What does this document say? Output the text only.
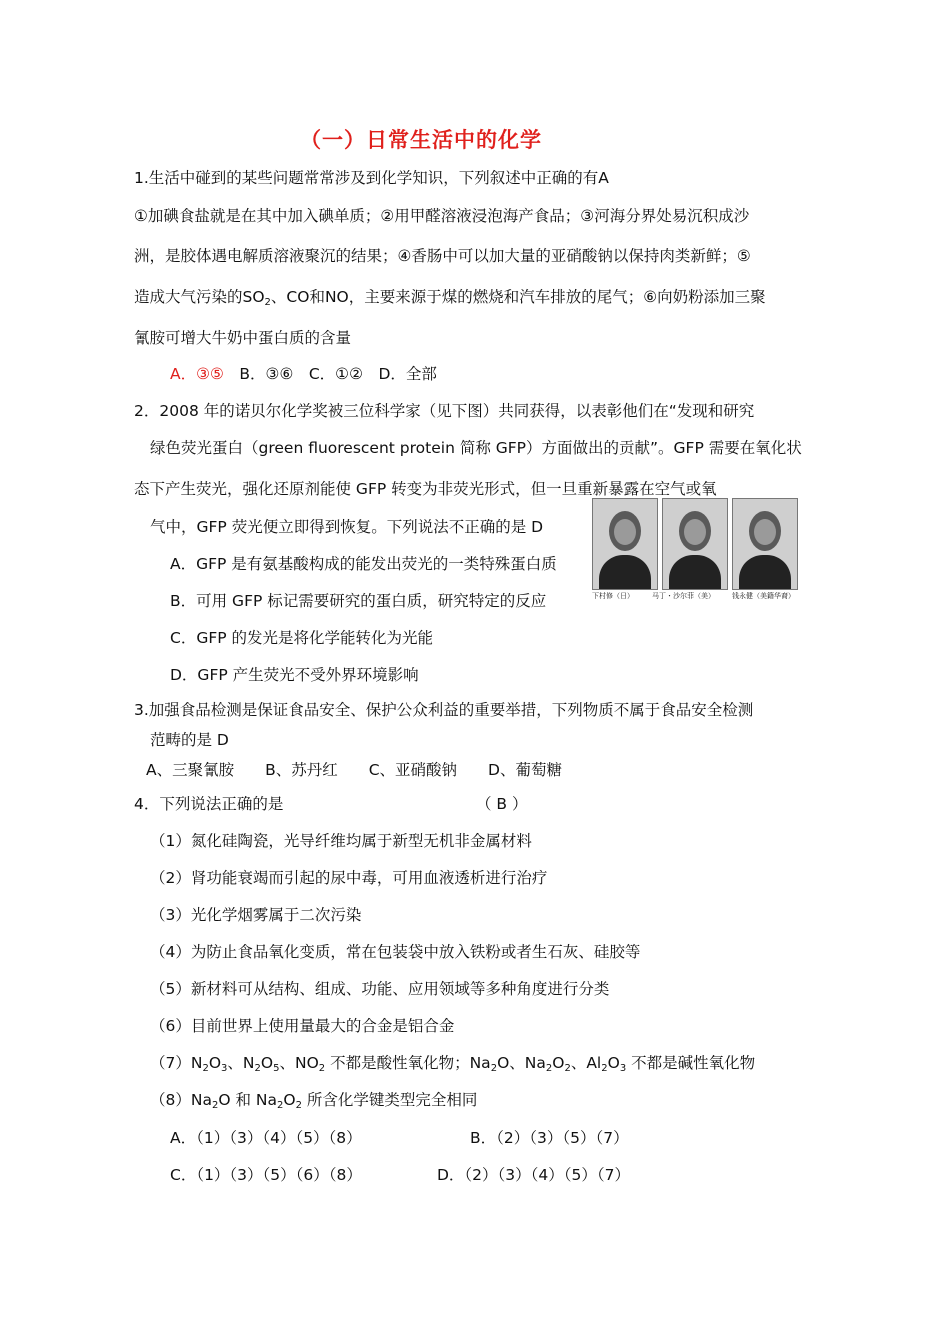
（一）日常生活中的化学
1.生活中碰到的某些问题常常涉及到化学知识，下列叙述中正确的有A
①加碘食盐就是在其中加入碘单质；②用甲醛溶液浸泡海产食品；③河海分界处易沉积成沙
洲，是胶体遇电解质溶液聚沉的结果；④香肠中可以加大量的亚硝酸钠以保持肉类新鲜；⑤
造成大气污染的$SO_2$、CO和NO，主要来源于煤的燃烧和汽车排放的尾气；⑥向奶粉添加三聚
氰胺可增大牛奶中蛋白质的含量
A．③⑤　 B．③⑥　C．①②　D．全部
2．2008 年的诺贝尔化学奖被三位科学家（见下图）共同获得，以表彰他们在“发现和研究
绿色荧光蛋白（green fluorescent protein 简称 GFP）方面做出的贡献”。GFP 需要在氧化状
态下产生荧光，强化还原剂能使 GFP 转变为非荧光形式，但一旦重新暴露在空气或氧
气中，GFP 荧光便立即得到恢复。下列说法不正确的是 D
A．GFP 是有氨基酸构成的能发出荧光的一类特殊蛋白质
B．可用 GFP 标记需要研究的蛋白质，研究特定的反应
C．GFP 的发光是将化学能转化为光能
D．GFP 产生荧光不受外界环境影响
下村修（日）	马丁・沙尔菲（美） 钱永健（美籍华裔）
3.加强食品检测是保证食品安全、保护公众利益的重要举措，下列物质不属于食品安全检测
范畴的是 D
A、三聚氰胺　　B、苏丹红　　C、亚硝酸钠　　D、葡萄糖
4．下列说法正确的是	（ B ）
（1）氮化硅陶瓷，光导纤维均属于新型无机非金属材料
（2）肾功能衰竭而引起的尿中毒，可用血液透析进行治疗
（3）光化学烟雾属于二次污染
（4）为防止食品氧化变质，常在包装袋中放入铁粉或者生石灰、硅胶等
（5）新材料可从结构、组成、功能、应用领域等多种角度进行分类
（6）目前世界上使用量最大的合金是铝合金
$(7)N_2O_3$、$N_2O_5$、$NO_2$ 不都是酸性氧化物；$Na_2O$、$Na_2O_2$、$Al_2O_3$ 不都是碱性氧化物
$(8)Na_2O$ 和 $Na_2O_2$ 所含化学键类型完全相同
A．（1）（3）（4）（5）（8）	B．（2）（3）（5）（7）
C．（1）（3）（5）（6）（8）	D．（2）（3）（4）（5）（7）
